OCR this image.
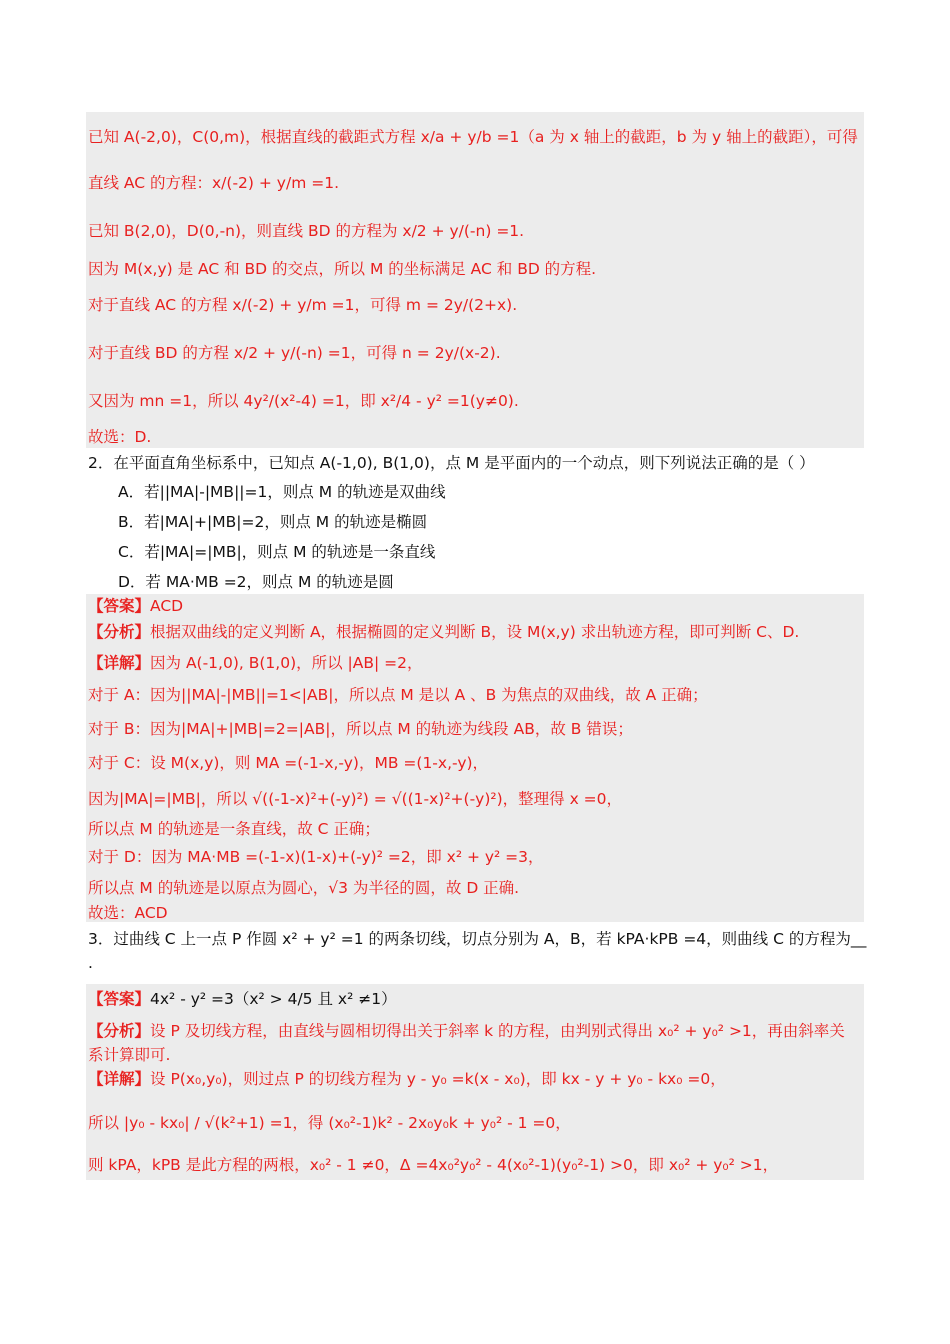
已知 A(-2,0)，C(0,m)，根据直线的截距式方程 x/a + y/b =1（a 为 x 轴上的截距，b 为 y 轴上的截距），可得
直线 AC 的方程：x/(-2) + y/m =1.
已知 B(2,0)，D(0,-n)，则直线 BD 的方程为 x/2 + y/(-n) =1.
因为 M(x,y) 是 AC 和 BD 的交点，所以 M 的坐标满足 AC 和 BD 的方程.
对于直线 AC 的方程 x/(-2) + y/m =1，可得 m = 2y/(2+x).
对于直线 BD 的方程 x/2 + y/(-n) =1，可得 n = 2y/(x-2).
又因为 mn =1，所以 4y²/(x²-4) =1，即 x²/4 - y² =1(y≠0).
故选：D.
2．在平面直角坐标系中，已知点 A(-1,0), B(1,0)，点 M 是平面内的一个动点，则下列说法正确的是（ ）
A．若||MA|-|MB||=1，则点 M 的轨迹是双曲线
B．若|MA|+|MB|=2，则点 M 的轨迹是椭圆
C．若|MA|=|MB|，则点 M 的轨迹是一条直线
D．若 MA·MB =2，则点 M 的轨迹是圆
【答案】ACD
【分析】根据双曲线的定义判断 A，根据椭圆的定义判断 B，设 M(x,y) 求出轨迹方程，即可判断 C、D.
【详解】因为 A(-1,0), B(1,0)，所以 |AB| =2，
对于 A：因为||MA|-|MB||=1<|AB|，所以点 M 是以 A 、B 为焦点的双曲线，故 A 正确；
对于 B：因为|MA|+|MB|=2=|AB|，所以点 M 的轨迹为线段 AB，故 B 错误；
对于 C：设 M(x,y)，则 MA =(-1-x,-y)，MB =(1-x,-y)，
因为|MA|=|MB|，所以 √((-1-x)²+(-y)²) = √((1-x)²+(-y)²)，整理得 x =0，
所以点 M 的轨迹是一条直线，故 C 正确；
对于 D：因为 MA·MB =(-1-x)(1-x)+(-y)² =2，即 x² + y² =3，
所以点 M 的轨迹是以原点为圆心，√3 为半径的圆，故 D 正确.
故选：ACD
3．过曲线 C 上一点 P 作圆 x² + y² =1 的两条切线，切点分别为 A，B，若 kPA·kPB =4，则曲线 C 的方程为__
.
【答案】4x² - y² =3（x² > 4/5 且 x² ≠1）
【分析】设 P 及切线方程，由直线与圆相切得出关于斜率 k 的方程，由判别式得出 x₀² + y₀² >1，再由斜率关
系计算即可.
【详解】设 P(x₀,y₀)，则过点 P 的切线方程为 y - y₀ =k(x - x₀)，即 kx - y + y₀ - kx₀ =0，
所以 |y₀ - kx₀| / √(k²+1) =1，得 (x₀²-1)k² - 2x₀y₀k + y₀² - 1 =0，
则 kPA，kPB 是此方程的两根，x₀² - 1 ≠0，Δ =4x₀²y₀² - 4(x₀²-1)(y₀²-1) >0，即 x₀² + y₀² >1，
